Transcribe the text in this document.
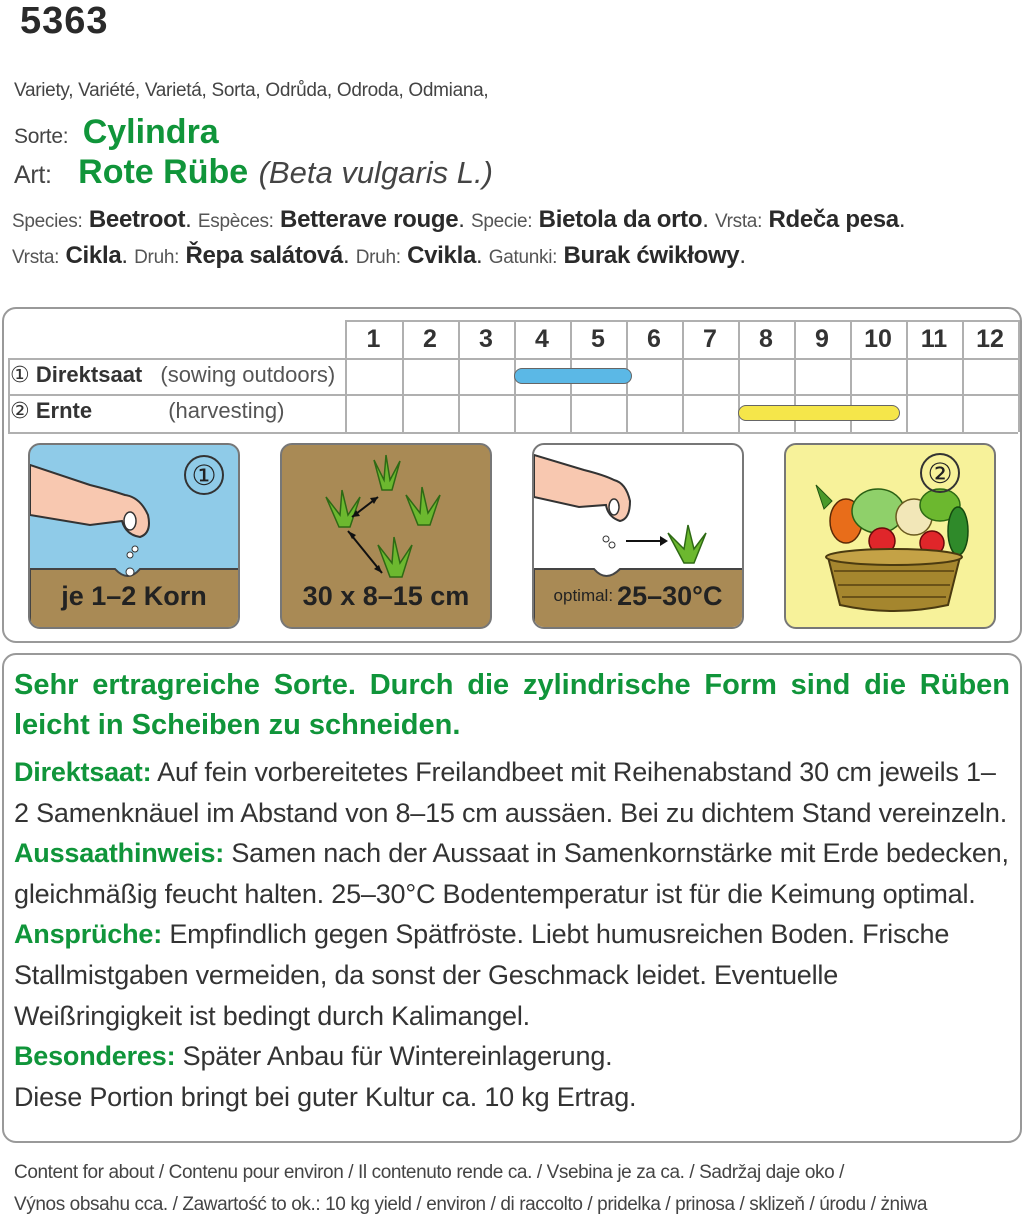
5363
Variety, Variété, Varietá, Sorta, Odrůda, Odroda, Odmiana,
Sorte: Cylindra
Art: Rote Rübe (Beta vulgaris L.)
Species: Beetroot. Espèces: Betterave rouge. Specie: Bietola da orto. Vrsta: Rdeča pesa.
Vrsta: Cikla. Druh: Řepa salátová. Druh: Cvikla. Gatunki: Burak ćwikłowy.
1	2	3	4	5	6	7	8	9	10	11	12
① Direktsaat (sowing outdoors)
② Ernte	(harvesting)
①
je 1–2 Korn	30 x 8–15 cm	optimal: 25–30°C
②
Sehr ertragreiche Sorte. Durch die zylindrische Form sind die Rüben leicht in Scheiben zu schneiden.
Direktsaat: Auf fein vorbereitetes Freilandbeet mit Reihenabstand 30 cm jeweils 1–2 Samenknäuel im Abstand von 8–15 cm aussäen. Bei zu dichtem Stand vereinzeln. Aussaathinweis: Samen nach der Aussaat in Samenkornstärke mit Erde bedecken, gleichmäßig feucht halten. 25–30°C Bodentemperatur ist für die Keimung optimal. Ansprüche: Empfindlich gegen Spätfröste. Liebt humusreichen Boden. Frische Stallmistgaben vermeiden, da sonst der Geschmack leidet. Eventuelle Weißringigkeit ist bedingt durch Kalimangel.
Besonderes: Später Anbau für Wintereinlagerung.
Diese Portion bringt bei guter Kultur ca. 10 kg Ertrag.
Content for about / Contenu pour environ / Il contenuto rende ca. / Vsebina je za ca. / Sadržaj daje oko /
Výnos obsahu cca. / Zawartość to ok.: 10 kg yield / environ / di raccolto / pridelka / prinosa / sklizeň / úrodu / żniwa
